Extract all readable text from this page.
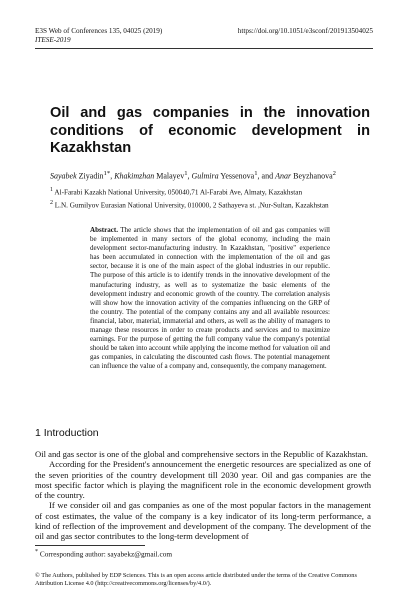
E3S Web of Conferences 135, 04025 (2019)	https://doi.org/10.1051/e3sconf/201913504025
ITESE-2019
Oil and gas companies in the innovation conditions of economic development in Kazakhstan
Sayabek Ziyadin$^{1*}$, Khakimzhan Malayev$^1$, Gulmira Yessenova$^1$, and Anar Beyzhanova$^2$
$^1$ Al-Farabi Kazakh National University, 050040,71 Al-Farabi Ave, Almaty, Kazakhstan
$^2$ L.N. Gumilyov Eurasian National University, 010000, 2 Sathayeva st. ,Nur-Sultan, Kazakhstan
Abstract. The article shows that the implementation of oil and gas companies will be implemented in many sectors of the global economy, including the main development sector-manufacturing industry. In Kazakhstan, "positive" experience has been accumulated in connection with the implementation of the oil and gas sector, because it is one of the main aspect of the global industries in our republic. The purpose of this article is to identify trends in the innovative development of the manufacturing industry, as well as to systematize the basic elements of the development industry and economic growth of the country. The correlation analysis will show how the innovation activity of the companies influencing on the GRP of the country. The potential of the company contains any and all available resources: financial, labor, material, immaterial and others, as well as the ability of managers to manage these resources in order to create products and services and to maximize earnings. For the purpose of getting the full company value the company's potential should be taken into account while applying the income method for valuation oil and gas companies, in calculating the discounted cash flows. The potential management can influence the value of a company and, consequently, the company management.
1 Introduction

Oil and gas sector is one of the global and comprehensive sectors in the Republic of Kazakhstan.

According for the President's announcement the energetic resources are specialized as one of the seven priorities of the country development till 2030 year. Oil and gas companies are the most specific factor which is playing the magnificent role in the economic development growth of the country.

If we consider oil and gas companies as one of the most popular factors in the management of cost estimates, the value of the company is a key indicator of its long-term performance, a kind of reflection of the improvement and development of the company. The development of the oil and gas sector contributes to the long-term development of

* Corresponding author: sayabekz@gmail.com
© The Authors, published by EDP Sciences. This is an open access article distributed under the terms of the Creative Commons Attribution License 4.0 (http://creativecommons.org/licenses/by/4.0/).
